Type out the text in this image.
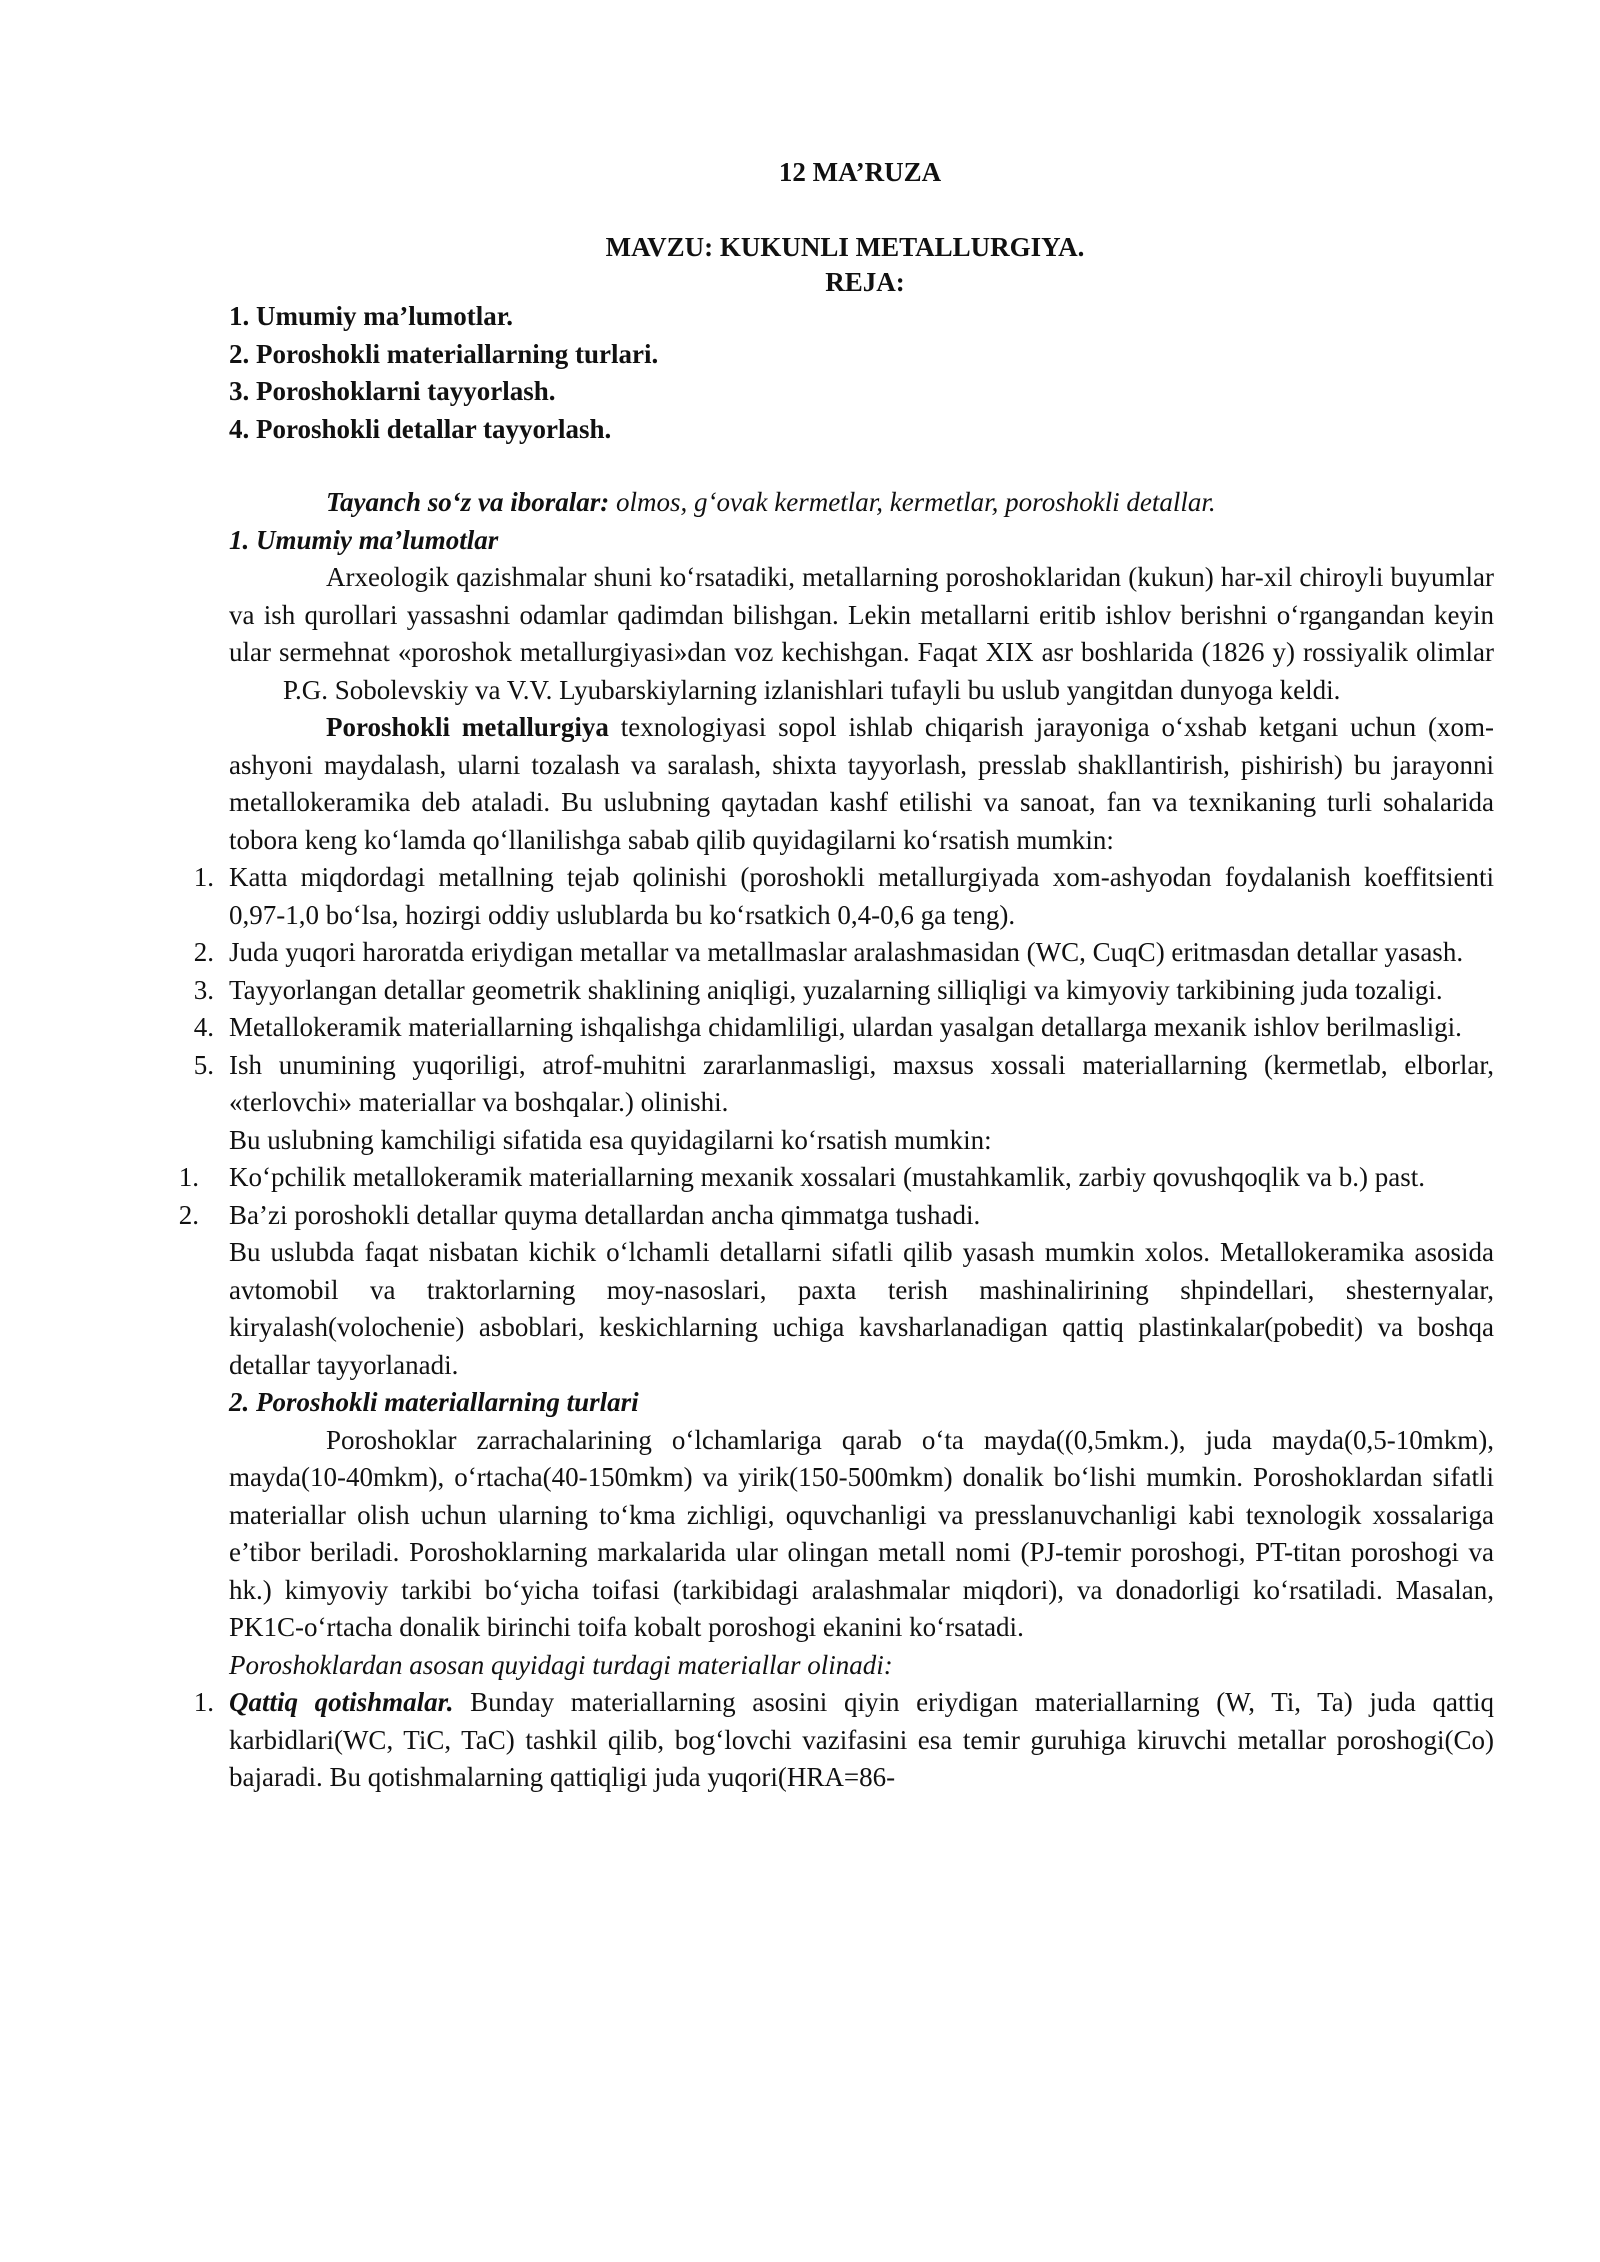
12 MA’RUZA

MAVZU: KUKUNLI METALLURGIYA.

REJA:

1. Umumiy ma’lumotlar.

2. Poroshokli materiallarning turlari.

3. Poroshoklarni tayyorlash.

4. Poroshokli detallar tayyorlash.

Tayanch so‘z va iboralar: olmos, g‘ovak kermetlar, kermetlar, poroshokli detallar.

1. Umumiy ma’lumotlar

Arxeologik qazishmalar shuni ko‘rsatadiki, metallarning poroshoklaridan (kukun) har-xil chiroyli buyumlar va ish qurollari yassashni odamlar qadimdan bilishgan. Lekin metallarni eritib ishlov berishni o‘rgangandan keyin ular sermehnat «poroshok metallurgiyasi»dan voz kechishgan. Faqat XIX asr boshlarida (1826 y) rossiyalik olimlar   P.G. Sobolevskiy va V.V. Lyubarskiylarning izlanishlari tufayli bu uslub yangitdan dunyoga keldi.

Poroshokli metallurgiya texnologiyasi sopol ishlab chiqarish jarayoniga o‘xshab ketgani uchun (xom-ashyoni maydalash, ularni tozalash va saralash, shixta tayyorlash, presslab shakllantirish, pishirish) bu jarayonni metallokeramika deb ataladi. Bu uslubning qaytadan kashf etilishi va sanoat, fan va texnikaning turli sohalarida tobora keng ko‘lamda qo‘llanilishga sabab qilib quyidagilarni ko‘rsatish mumkin:

1. Katta miqdordagi metallning tejab qolinishi (poroshokli metallurgiyada xom-ashyodan foydalanish koeffitsienti 0,97-1,0 bo‘lsa, hozirgi oddiy uslublarda bu ko‘rsatkich 0,4-0,6 ga teng).

2. Juda yuqori haroratda eriydigan metallar va metallmaslar aralashmasidan (WC, CuqC) eritmasdan detallar yasash.

3. Tayyorlangan detallar geometrik shaklining aniqligi, yuzalarning silliqligi va kimyoviy tarkibining juda tozaligi.

4. Metallokeramik materiallarning ishqalishga chidamliligi, ulardan yasalgan detallarga mexanik ishlov berilmasligi.

5. Ish unumining yuqoriligi, atrof-muhitni zararlanmasligi, maxsus xossali materiallarning (kermetlab, elborlar, «terlovchi» materiallar va boshqalar.) olinishi.

Bu uslubning kamchiligi sifatida esa quyidagilarni ko‘rsatish mumkin:

1. Ko‘pchilik metallokeramik materiallarning mexanik xossalari (mustahkamlik, zarbiy qovushqoqlik va b.) past.

2. Ba’zi poroshokli detallar quyma detallardan ancha qimmatga tushadi.

Bu uslubda faqat nisbatan kichik o‘lchamli detallarni sifatli qilib yasash mumkin xolos. Metallokeramika asosida avtomobil va traktorlarning moy-nasoslari, paxta terish mashinalirining shpindellari, shesternyalar, kiryalash(volochenie) asboblari, keskichlarning uchiga kavsharlanadigan qattiq plastinkalar(pobedit) va boshqa detallar tayyorlanadi.

2. Poroshokli materiallarning turlari

Poroshoklar zarrachalarining o‘lchamlariga qarab o‘ta mayda((0,5mkm.), juda mayda(0,5-10mkm), mayda(10-40mkm), o‘rtacha(40-150mkm) va yirik(150-500mkm) donalik bo‘lishi mumkin. Poroshoklardan sifatli materiallar olish uchun ularning to‘kma zichligi, oquvchanligi va presslanuvchanligi kabi texnologik xossalariga e’tibor beriladi. Poroshoklarning markalarida ular olingan metall nomi (PJ-temir poroshogi, PT-titan poroshogi va hk.) kimyoviy tarkibi bo‘yicha toifasi (tarkibidagi aralashmalar miqdori), va donadorligi ko‘rsatiladi. Masalan, PK1C-o‘rtacha donalik birinchi toifa kobalt poroshogi ekanini ko‘rsatadi.

Poroshoklardan asosan quyidagi turdagi materiallar olinadi:

1. Qattiq qotishmalar. Bunday materiallarning asosini qiyin eriydigan materiallarning (W, Ti, Ta) juda qattiq karbidlari(WC, TiC, TaC) tashkil qilib, bog‘lovchi vazifasini esa temir guruhiga kiruvchi metallar poroshogi(Co) bajaradi. Bu qotishmalarning qattiqligi juda yuqori(HRA=86-
